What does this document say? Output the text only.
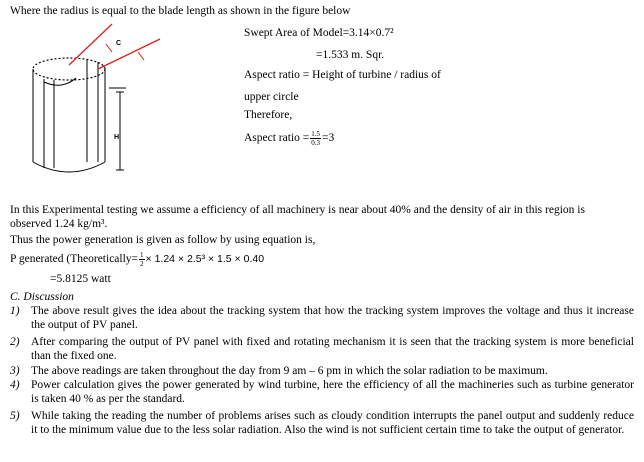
Where the radius is equal to the blade length as shown in the figure below
C
H
Swept Area of Model=3.14×0.7²
=1.533 m. Sqr.
Aspect ratio = Height of turbine / radius of
upper circle
Therefore,
Aspect ratio = $\frac{1.5}{0.3} =3$
In this Experimental testing we assume a efficiency of all machinery is near about 40% and the density of air in this region is
observed 1.24 kg/m³.
Thus the power generation is given as follow by using equation is,
P generated (Theoretically= $\frac{1}{2} \times 1.24 \times 2.5^3 \times 1.5 \times 0.40$
=5.8125 watt
C. Discussion
1) The above result gives the idea about the tracking system that how the tracking system improves the voltage and thus it increase the output of PV panel.
2) After comparing the output of PV panel with fixed and rotating mechanism it is seen that the tracking system is more beneficial than the fixed one.
3) The above readings are taken throughout the day from 9 am – 6 pm in which the solar radiation to be maximum.
4) Power calculation gives the power generated by wind turbine, here the efficiency of all the machineries such as turbine generator is taken 40 % as per the standard.
5) While taking the reading the number of problems arises such as cloudy condition interrupts the panel output and suddenly reduce it to the minimum value due to the less solar radiation. Also the wind is not sufficient certain time to take the output of generator.
